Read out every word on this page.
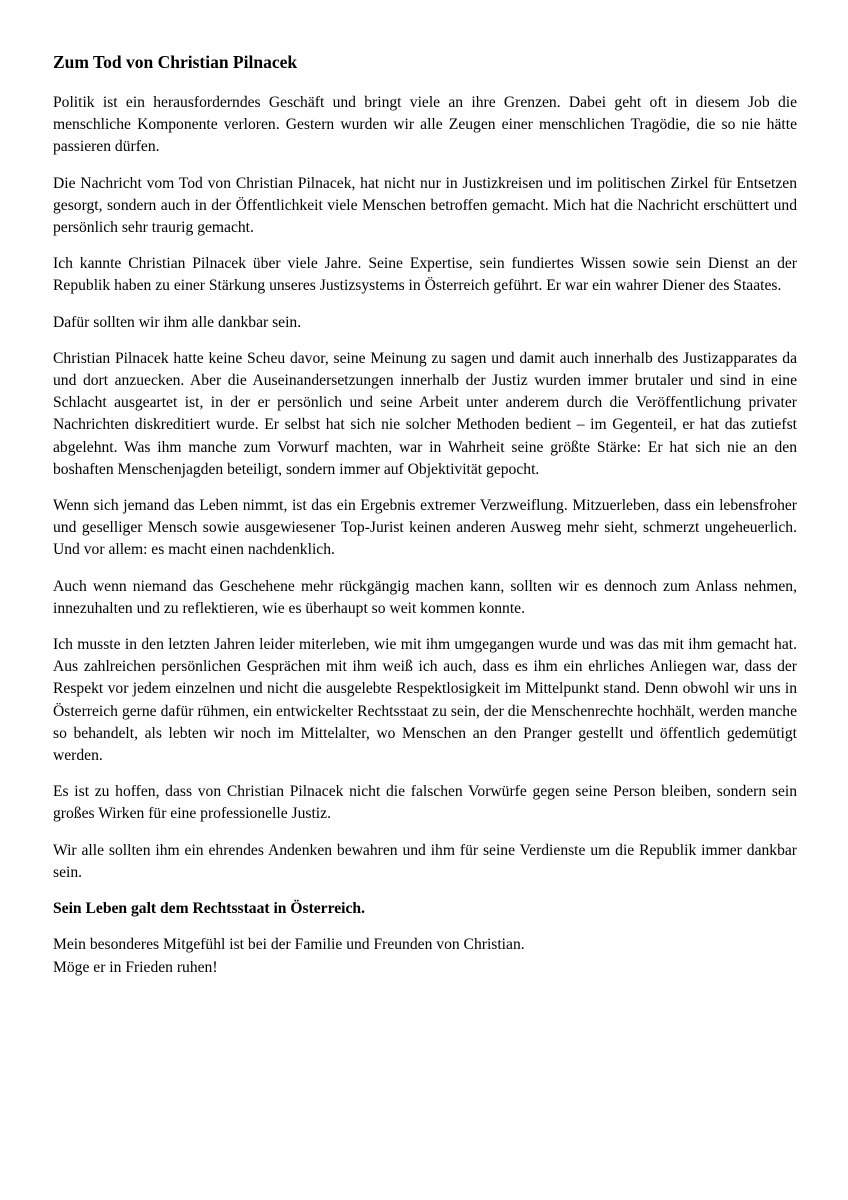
Zum Tod von Christian Pilnacek

Politik ist ein herausforderndes Geschäft und bringt viele an ihre Grenzen. Dabei geht oft in diesem Job die menschliche Komponente verloren. Gestern wurden wir alle Zeugen einer menschlichen Tragödie, die so nie hätte passieren dürfen.

Die Nachricht vom Tod von Christian Pilnacek, hat nicht nur in Justizkreisen und im politischen Zirkel für Entsetzen gesorgt, sondern auch in der Öffentlichkeit viele Menschen betroffen gemacht. Mich hat die Nachricht erschüttert und persönlich sehr traurig gemacht.

Ich kannte Christian Pilnacek über viele Jahre. Seine Expertise, sein fundiertes Wissen sowie sein Dienst an der Republik haben zu einer Stärkung unseres Justizsystems in Österreich geführt. Er war ein wahrer Diener des Staates.

Dafür sollten wir ihm alle dankbar sein.

Christian Pilnacek hatte keine Scheu davor, seine Meinung zu sagen und damit auch innerhalb des Justizapparates da und dort anzuecken. Aber die Auseinandersetzungen innerhalb der Justiz wurden immer brutaler und sind in eine Schlacht ausgeartet ist, in der er persönlich und seine Arbeit unter anderem durch die Veröffentlichung privater Nachrichten diskreditiert wurde. Er selbst hat sich nie solcher Methoden bedient – im Gegenteil, er hat das zutiefst abgelehnt. Was ihm manche zum Vorwurf machten, war in Wahrheit seine größte Stärke: Er hat sich nie an den boshaften Menschenjagden beteiligt, sondern immer auf Objektivität gepocht.

Wenn sich jemand das Leben nimmt, ist das ein Ergebnis extremer Verzweiflung. Mitzuerleben, dass ein lebensfroher und geselliger Mensch sowie ausgewiesener Top-Jurist keinen anderen Ausweg mehr sieht, schmerzt ungeheuerlich. Und vor allem: es macht einen nachdenklich.

Auch wenn niemand das Geschehene mehr rückgängig machen kann, sollten wir es dennoch zum Anlass nehmen, innezuhalten und zu reflektieren, wie es überhaupt so weit kommen konnte.

Ich musste in den letzten Jahren leider miterleben, wie mit ihm umgegangen wurde und was das mit ihm gemacht hat. Aus zahlreichen persönlichen Gesprächen mit ihm weiß ich auch, dass es ihm ein ehrliches Anliegen war, dass der Respekt vor jedem einzelnen und nicht die ausgelebte Respektlosigkeit im Mittelpunkt stand. Denn obwohl wir uns in Österreich gerne dafür rühmen, ein entwickelter Rechtsstaat zu sein, der die Menschenrechte hochhält, werden manche so behandelt, als lebten wir noch im Mittelalter, wo Menschen an den Pranger gestellt und öffentlich gedemütigt werden.

Es ist zu hoffen, dass von Christian Pilnacek nicht die falschen Vorwürfe gegen seine Person bleiben, sondern sein großes Wirken für eine professionelle Justiz.

Wir alle sollten ihm ein ehrendes Andenken bewahren und ihm für seine Verdienste um die Republik immer dankbar sein.

Sein Leben galt dem Rechtsstaat in Österreich.
Mein besonderes Mitgefühl ist bei der Familie und Freunden von Christian.
Möge er in Frieden ruhen!
